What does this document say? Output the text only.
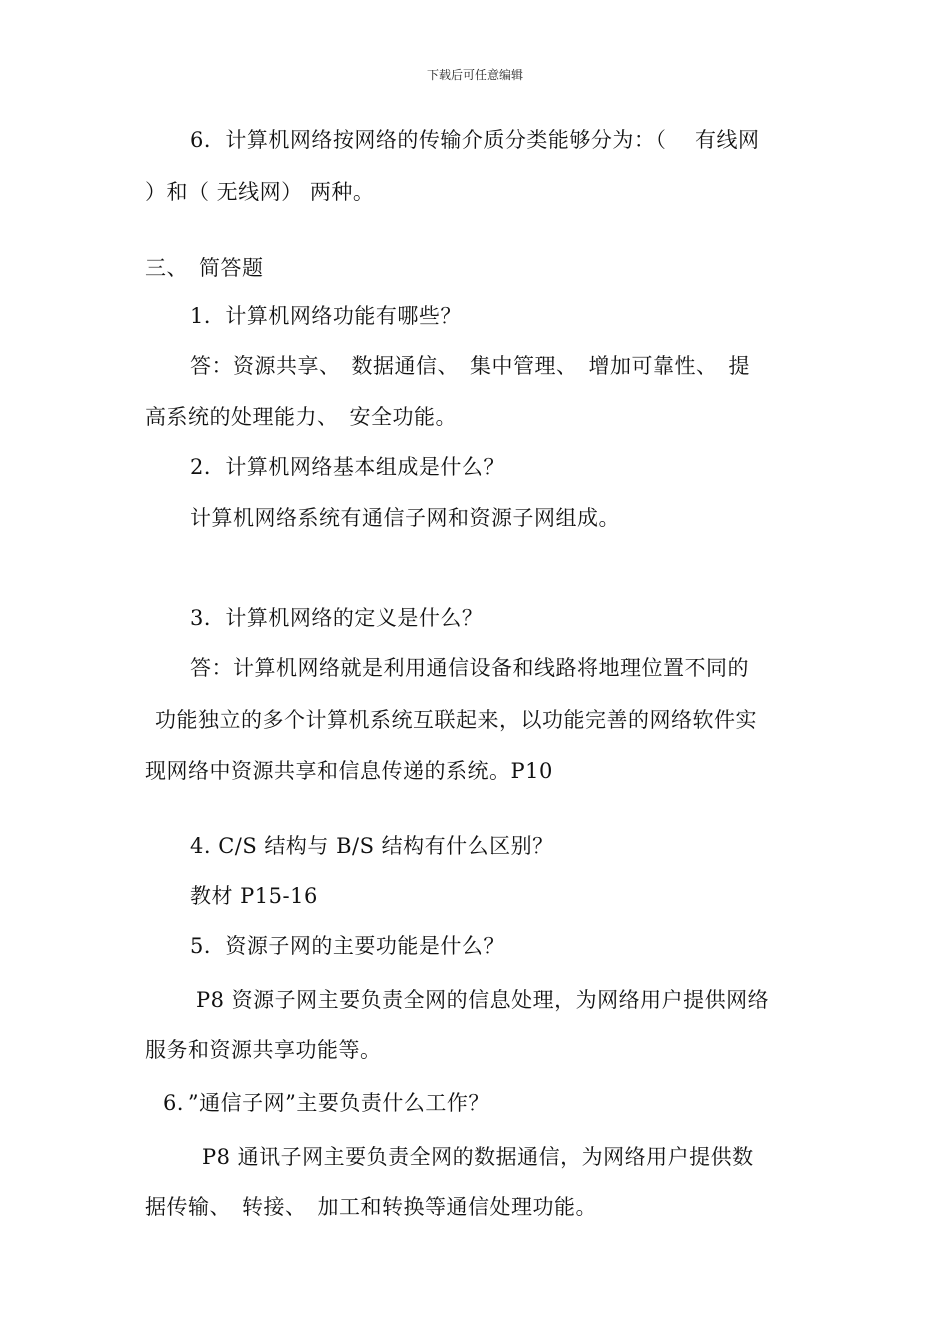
下载后可任意编辑
6．计算机网络按网络的传输介质分类能够分为：（　 有线网
）和（ 无线网） 两种。
三、　简答题
1．计算机网络功能有哪些？
答：资源共享、　数据通信、　集中管理、　增加可靠性、　提
高系统的处理能力、　安全功能。
2．计算机网络基本组成是什么？
计算机网络系统有通信子网和资源子网组成。
3．计算机网络的定义是什么？
答：计算机网络就是利用通信设备和线路将地理位置不同的
功能独立的多个计算机系统互联起来，以功能完善的网络软件实
现网络中资源共享和信息传递的系统。P10
4. C/S 结构与 B/S 结构有什么区别？
教材 P15-16
5．资源子网的主要功能是什么？
P8 资源子网主要负责全网的信息处理，为网络用户提供网络
服务和资源共享功能等。
6．”通信子网”主要负责什么工作？
P8 通讯子网主要负责全网的数据通信，为网络用户提供数
据传输、　转接、　加工和转换等通信处理功能。
